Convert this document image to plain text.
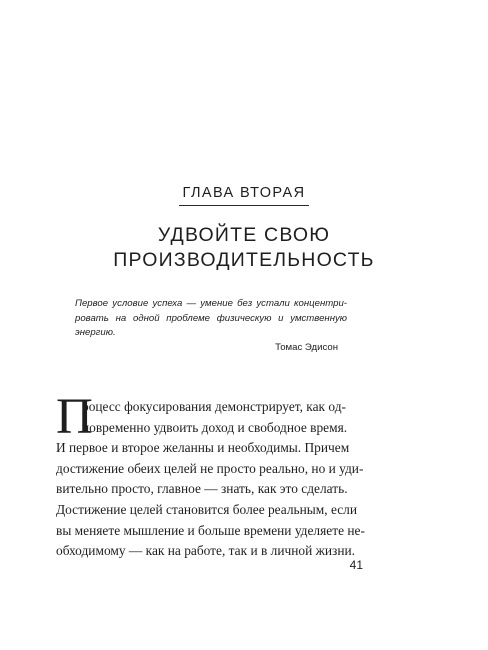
ГЛАВА ВТОРАЯ
УДВОЙТЕ СВОЮ
ПРОИЗВОДИТЕЛЬНОСТЬ

Первое условие успеха — умение без устали концентри-
ровать на одной проблеме физическую и умственную
энергию.

Томас Эдисон
П

роцесс фокусирования демонстрирует, как од-
новременно удвоить доход и свободное время.
И первое и второе желанны и необходимы. Причем
достижение обеих целей не просто реально, но и уди-
вительно просто, главное — знать, как это сделать.
Достижение целей становится более реальным, если
вы меняете мышление и больше времени уделяете не-
обходимому — как на работе, так и в личной жизни.

41
